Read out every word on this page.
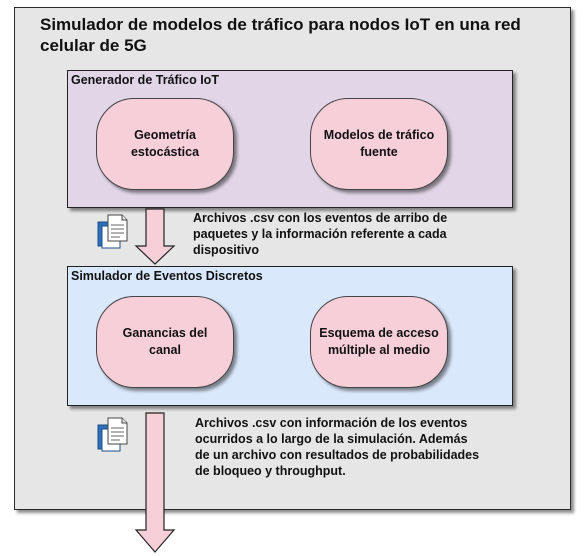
Simulador de modelos de tráfico para nodos IoT en una red celular de 5G
Generador de Tráfico IoT
Geometría estocástica
Modelos de tráfico fuente
Archivos .csv con los eventos de arribo de paquetes y la información referente a cada dispositivo
Simulador de Eventos Discretos
Ganancias del canal
Esquema de acceso múltiple al medio
Archivos .csv con información de los eventos ocurridos a lo largo de la simulación. Además de un archivo con resultados de probabilidades de bloqueo y throughput.
